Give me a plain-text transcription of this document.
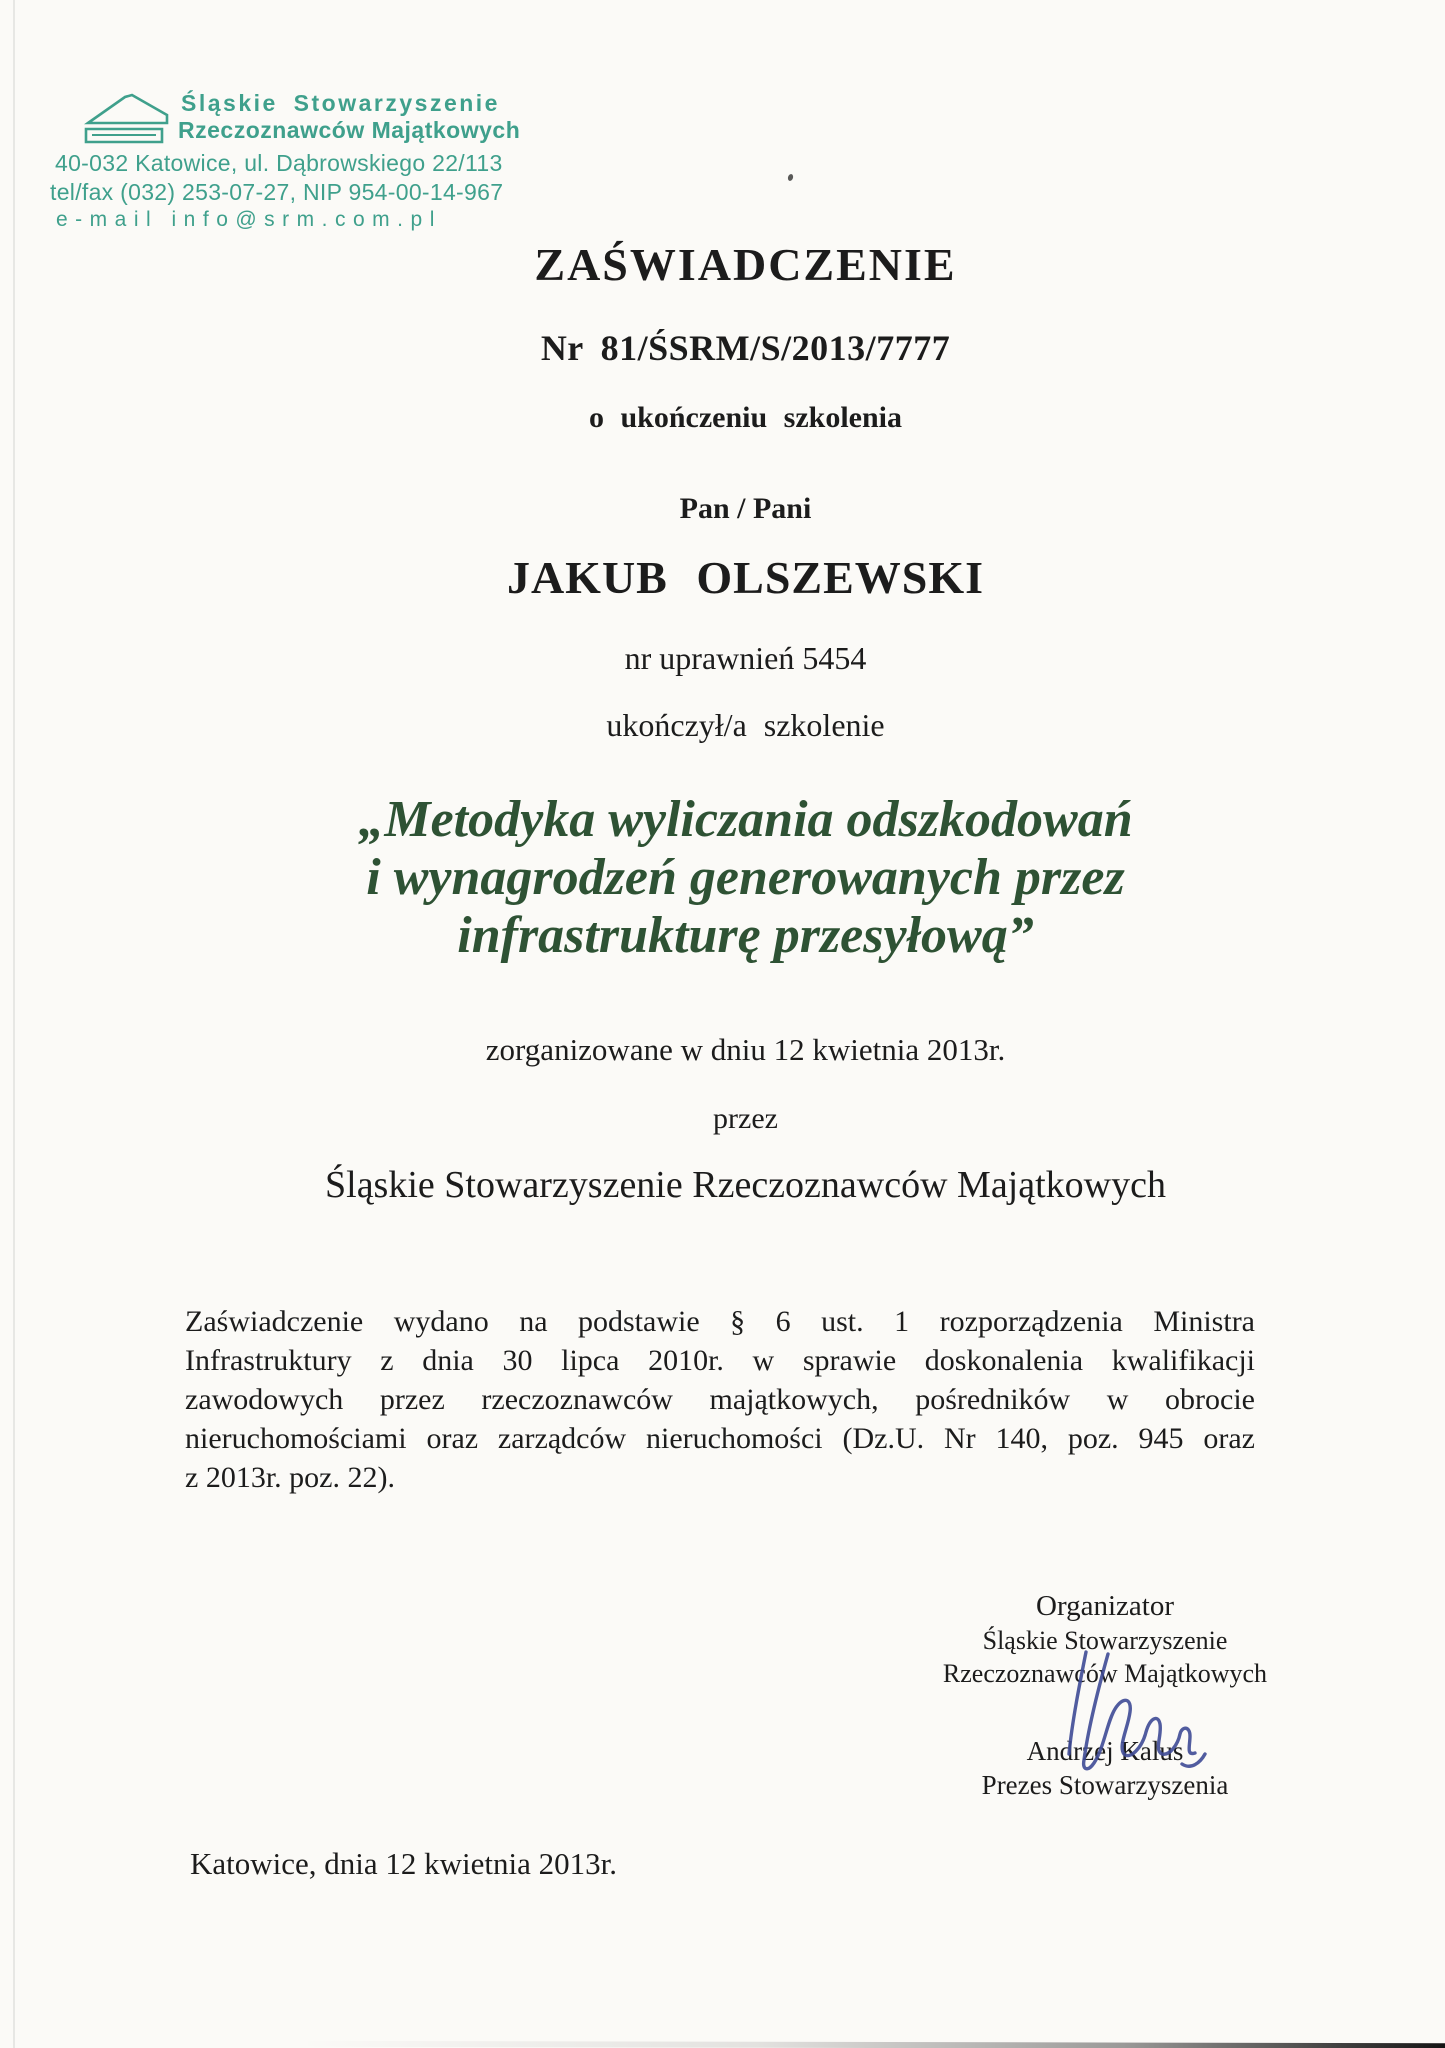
Śląskie Stowarzyszenie
Rzeczoznawców Majątkowych
40-032 Katowice, ul. Dąbrowskiego 22/113
tel/fax (032) 253-07-27, NIP 954-00-14-967
e-mail info@srm.com.pl
ZAŚWIADCZENIE
Nr 81/ŚSRM/S/2013/7777
o ukończeniu szkolenia
Pan / Pani
JAKUB OLSZEWSKI
nr uprawnień 5454
ukończył/a szkolenie
„Metodyka wyliczania odszkodowań
i wynagrodzeń generowanych przez
infrastrukturę przesyłową”
zorganizowane w dniu 12 kwietnia 2013r.
przez
Śląskie Stowarzyszenie Rzeczoznawców Majątkowych
Zaświadczenie wydano na podstawie § 6 ust. 1 rozporządzenia Ministra
Infrastruktury z dnia 30 lipca 2010r. w sprawie doskonalenia kwalifikacji
zawodowych przez rzeczoznawców majątkowych, pośredników w obrocie
nieruchomościami oraz zarządców nieruchomości (Dz.U. Nr 140, poz. 945 oraz
z 2013r. poz. 22).
Organizator
Śląskie Stowarzyszenie
Rzeczoznawców Majątkowych
Andrzej Kalus
Prezes Stowarzyszenia
Katowice, dnia 12 kwietnia 2013r.
